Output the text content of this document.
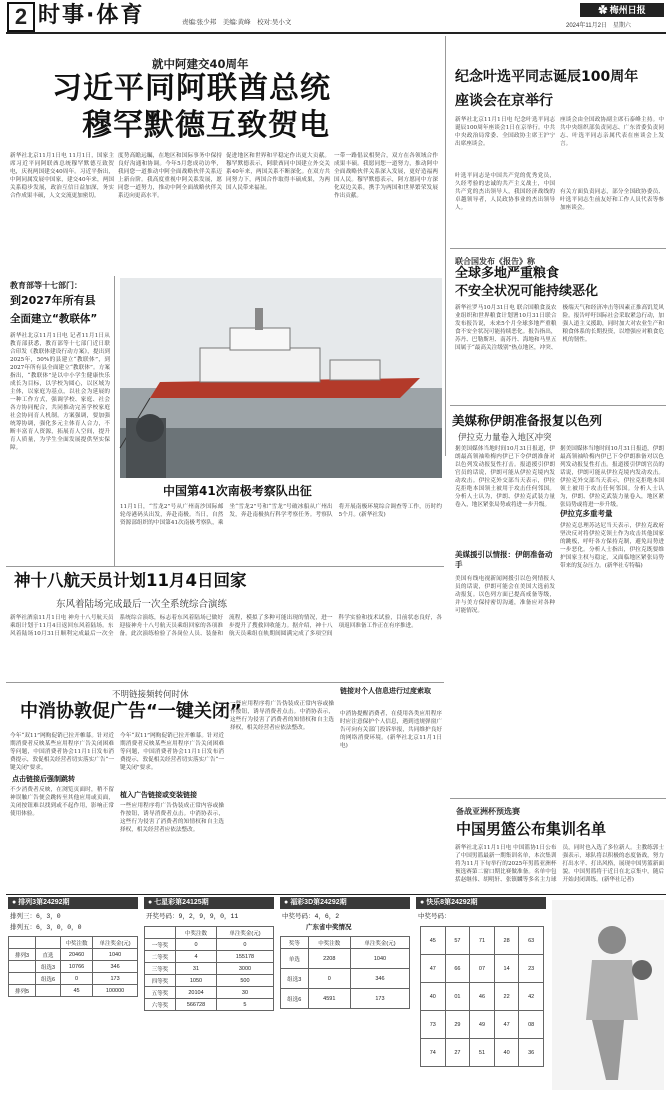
2 时事·体育	责编:张少邦　美编:黄峰　校对:吴小文
✿ 梅州日报
2024年11月2日　星期六
就中阿建交40周年
习近平同阿联酋总统
穆罕默德互致贺电
新华社北京11月1日电 11月1日，国家主席习近平同阿联酋总统穆罕默德互致贺电，庆祝两国建交40周年。习近平指出，中阿同属发展中国家，建交40年来，两国关系稳步发展，政治互信日益加深，务实合作成果丰硕，人文交流更加密切。
度势高瞻远瞩，在地区和国际事务中保持良好沟通和协调。今年5月您成功访华，我同您一道推动中阿全面战略伙伴关系迈上新台阶。我高度重视中阿关系发展，愿同您一道努力，推动中阿全面战略伙伴关系迈向更高水平。
促进地区和世界和平稳定作出更大贡献。穆罕默德表示，阿联酋同中国建立外交关系40年来，两国关系不断深化。在双方共同努力下，两国合作取得丰硕成果，为两国人民带来福祉。
一带一路倡议相契合，双方在各领域合作成果丰硕。我愿同您一道努力，推动阿中全面战略伙伴关系深入发展，更好造福两国人民。穆罕默德表示，阿方愿同中方深化双边关系，携手为两国和世界繁荣发展作出贡献。
纪念叶选平同志诞辰100周年
座谈会在京举行
新华社北京11月1日电 纪念叶选平同志诞辰100周年座谈会1日在京举行。中共中央政治局常委、全国政协主席王沪宁出席座谈会。
叶选平同志是中国共产党的优秀党员，久经考验的忠诚的共产主义战士，中国共产党的杰出领导人，我国经济战线的卓越领导者，人民政协事业的杰出领导人。
座谈会由全国政协副主席石泰峰主持。中共中央组织部负责同志、广东省委负责同志、叶选平同志亲属代表在座谈会上发言。
有关方面负责同志，部分全国政协委员、叶选平同志生前友好和工作人员代表等参加座谈会。
联合国发布《报告》称
全球多地严重粮食
不安全状况可能持续恶化
新华社罗马10月31日电 联合国粮食及农业组织和世界粮食计划署10月31日联合发布报告说，未来5个月全球多地严重粮食不安全状况可能持续恶化。报告指出，苏丹、巴勒斯坦、南苏丹、海地和马里五国属于“最高关注级别”热点地区，冲突、极端天气和经济冲击等因素正推高饥荒风险。报告呼吁国际社会采取紧急行动，加强人道主义援助，同时加大对农业生产和粮食体系的长期投资，以增强应对粮食危机的韧性。
美媒称伊朗准备报复以色列
伊拉克力量卷入地区冲突
据美国媒体当地时间10月31日报道，伊朗最高领袖哈梅内伊已下令伊朗准备对以色列发动报复性打击。报道援引伊朗官员的话说，伊朗可能从伊拉克境内发动攻击。伊拉克外交部当天表示，伊拉克拒绝本国领土被用于攻击任何邻国。分析人士认为，伊朗、伊拉克武装力量卷入，地区紧张局势或将进一步升级。
美媒援引以情报：伊朗准备动手
美国有线电视新闻网援引以色列情报人员的话说，伊朗可能会在美国大选前发动报复。以色列方面已提高戒备等级，并与美方保持密切沟通，准备应对各种可能情况。
据美国媒体当地时间10月31日报道，伊朗最高领袖哈梅内伊已下令伊朗准备对以色列发动报复性打击。报道援引伊朗官员的话说，伊朗可能从伊拉克境内发动攻击。伊拉克外交部当天表示，伊拉克拒绝本国领土被用于攻击任何邻国。分析人士认为，伊朗、伊拉克武装力量卷入，地区紧张局势或将进一步升级。
伊拉克多重考量
伊拉克总理苏达尼当天表示，伊拉克政府坚决反对将伊拉克领土作为攻击其他国家的跳板，呼吁各方保持克制，避免局势进一步恶化。分析人士指出，伊拉克既要维护国家主权与稳定，又面临地区紧张局势带来的复杂压力。(新华社专特稿)
备战亚洲杯预选赛
中国男篮公布集训名单
新华社北京11月1日电 中国篮协1日公布了中国男篮最新一期集训名单，本次集训将为11月下旬举行的2025年男篮亚洲杯预选赛第二窗口期比赛做准备。名单中包括赵继伟、胡明轩、张镇麟等多名主力球员，同时也入选了多位新人。主教练郭士强表示，球队将以积极的态度备战，努力打出水平、打出风格，展现中国男篮新面貌。中国男篮将于近日在北京集中，随后开始封闭训练。(新华社记者)
教育部等十七部门：
到2027年所有县
全面建立“教联体”
新华社北京11月1日电 记者11月1日从教育部获悉，教育部等十七部门近日联合印发《教联体建设行动方案》，提出到2025年，50%的县建立“教联体”，到2027年所有县全面建立“教联体”。方案指出，“教联体”是以中小学生健康快乐成长为目标，以学校为圆心，以区域为主体，以家庭为基点，以社会为延展的一种工作方式，强调学校、家庭、社会各方协同配合，共同推动完善学校家庭社会协同育人机制。方案强调，要加强统筹协调，强化多元主体育人合力，不断丰富育人资源，拓展育人空间，提升育人质量，为学生全面发展提供坚实保障。
中国第41次南极考察队出征
11月1日，“雪龙2”号从广州南沙国际邮轮母港码头出发，奔赴南极。当日，自然资源部组织的中国第41次南极考察队，乘坐“雪龙2”号和“雪龙”号破冰船从广州出发，奔赴南极执行科学考察任务。考察队将开展南极环境综合调查等工作，历时约5个月。(新华社发)
神十八航天员计划11月4日回家
东风着陆场完成最后一次全系统综合演练
新华社酒泉11月1日电 神舟十八号航天员乘组计划于11月4日返回东风着陆场。东风着陆场10月31日顺利完成最后一次全系统综合演练，标志着东风着陆场已做好迎接神舟十八号航天员乘组回家的各项准备。此次演练检验了各岗位人员、装备和流程，模拟了多种可能出现的情况，进一步提升了搜救回收能力。据介绍，神十八航天员乘组在轨期间圆满完成了多项空间科学实验和技术试验，目前状态良好，各项返回准备工作正在有序推进。
不明链接频转何时休
中消协敦促广告“一键关闭”
今年“双11”网购促销已拉开帷幕。针对近期消费者反映某些应用程序广告关闭困难等问题，中国消费者协会11月1日发布消费提示，敦促相关经营者切实落实广告“一键关闭”要求。
点击链接后强制跳转
不少消费者反映，在浏览页面时，稍不留神误触广告便会跳转至其他应用或页面，关闭按钮难以找到或不起作用，影响正常使用体验。
今年“双11”网购促销已拉开帷幕。针对近期消费者反映某些应用程序广告关闭困难等问题，中国消费者协会11月1日发布消费提示，敦促相关经营者切实落实广告“一键关闭”要求。
植入广告链接或变装链接
一些应用程序将广告伪装成正常内容或操作按钮，诱导消费者点击。中消协表示，这些行为侵害了消费者的知情权和自主选择权，相关经营者应依法整改。
一些应用程序将广告伪装成正常内容或操作按钮，诱导消费者点击。中消协表示，这些行为侵害了消费者的知情权和自主选择权，相关经营者应依法整改。
链接对个人信息进行过度索取
中消协提醒消费者，在使用各类应用程序时应注意保护个人信息，遇到违规弹窗广告可向有关部门投诉举报，共同维护良好的网络消费环境。(新华社北京11月1日电)
● 排列3第24292期
排列三：6，3，0
排列五：6，3，0，0，0
		中奖注数	单注奖金(元)
排列3	直选	20460	1040
	组选3	10766	346
	组选6	0	173
排列5		45	100000
● 七星彩第24125期
开奖号码：9，2，9，9，0，11
	中奖注数	单注奖金(元)
一等奖	0	0
二等奖	4	155178
三等奖	31	3000
四等奖	1050	500
五等奖	20104	30
六等奖	566728	5
● 福彩3D第24292期
中奖号码：4，6，2
广东省中奖情况
奖等	中奖注数	单注奖金(元)
单选	2208	1040
组选3	0	346
组选6	4591	173
● 快乐8第24292期
中奖号码：
45	57	71	28	63
47	66	07	14	23
40	01	46	22	42
73	29	49	47	08
74	27	51	40	36
